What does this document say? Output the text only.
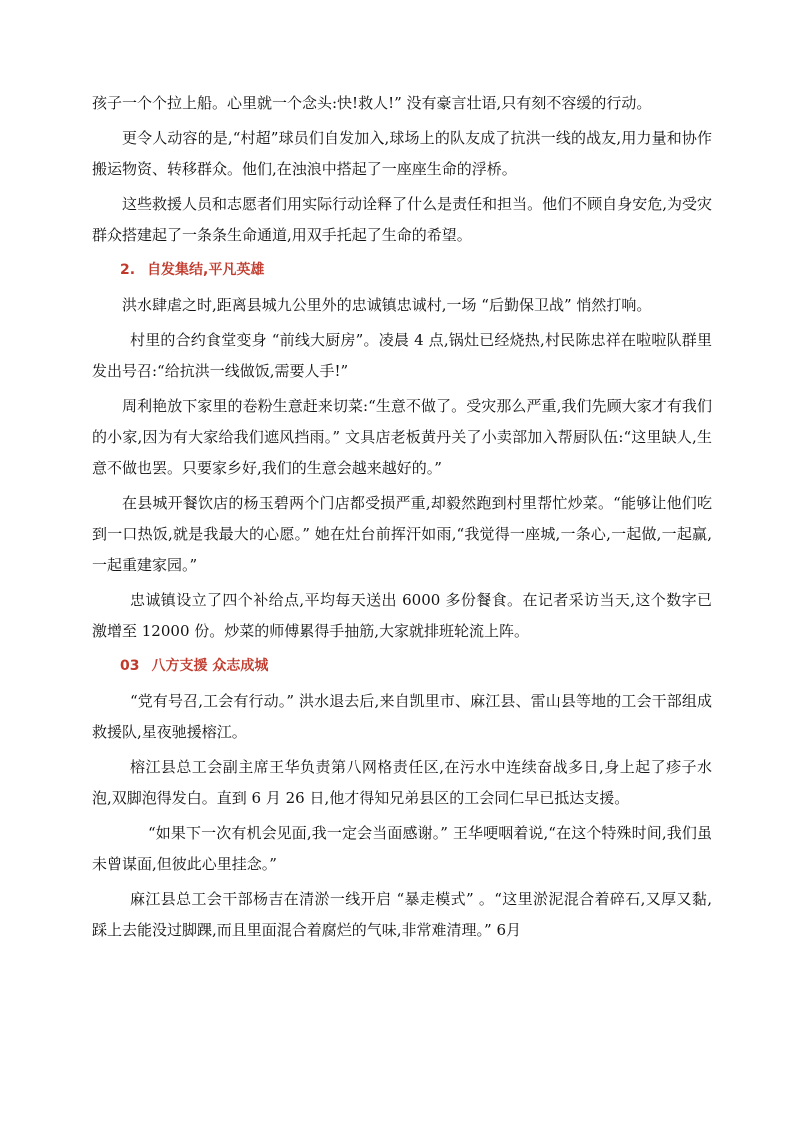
孩子一个个拉上船。心里就一个念头:快!救人!” 没有豪言壮语,只有刻不容缓的行动。

更令人动容的是,“村超”球员们自发加入,球场上的队友成了抗洪一线的战友,用力量和协作搬运物资、转移群众。他们,在浊浪中搭起了一座座生命的浮桥。

这些救援人员和志愿者们用实际行动诠释了什么是责任和担当。他们不顾自身安危,为受灾群众搭建起了一条条生命通道,用双手托起了生命的希望。

2. 自发集结,平凡英雄

洪水肆虐之时,距离县城九公里外的忠诚镇忠诚村,一场 “后勤保卫战” 悄然打响。

村里的合约食堂变身 “前线大厨房”。凌晨 4 点,锅灶已经烧热,村民陈忠祥在啦啦队群里发出号召:“给抗洪一线做饭,需要人手!”

周利艳放下家里的卷粉生意赶来切菜:“生意不做了。受灾那么严重,我们先顾大家才有我们的小家,因为有大家给我们遮风挡雨。” 文具店老板黄丹关了小卖部加入帮厨队伍:“这里缺人,生意不做也罢。只要家乡好,我们的生意会越来越好的。”

在县城开餐饮店的杨玉碧两个门店都受损严重,却毅然跑到村里帮忙炒菜。“能够让他们吃到一口热饭,就是我最大的心愿。” 她在灶台前挥汗如雨,“我觉得一座城,一条心,一起做,一起赢,一起重建家园。”

忠诚镇设立了四个补给点,平均每天送出 6000 多份餐食。在记者采访当天,这个数字已激增至 12000 份。炒菜的师傅累得手抽筋,大家就排班轮流上阵。

03 八方支援 众志成城

“党有号召,工会有行动。” 洪水退去后,来自凯里市、麻江县、雷山县等地的工会干部组成救援队,星夜驰援榕江。

榕江县总工会副主席王华负责第八网格责任区,在污水中连续奋战多日,身上起了疹子水泡,双脚泡得发白。直到 6 月 26 日,他才得知兄弟县区的工会同仁早已抵达支援。

“如果下一次有机会见面,我一定会当面感谢。” 王华哽咽着说,“在这个特殊时间,我们虽未曾谋面,但彼此心里挂念。”

麻江县总工会干部杨吉在清淤一线开启 “暴走模式” 。“这里淤泥混合着碎石,又厚又黏,踩上去能没过脚踝,而且里面混合着腐烂的气味,非常难清理。” 6月
